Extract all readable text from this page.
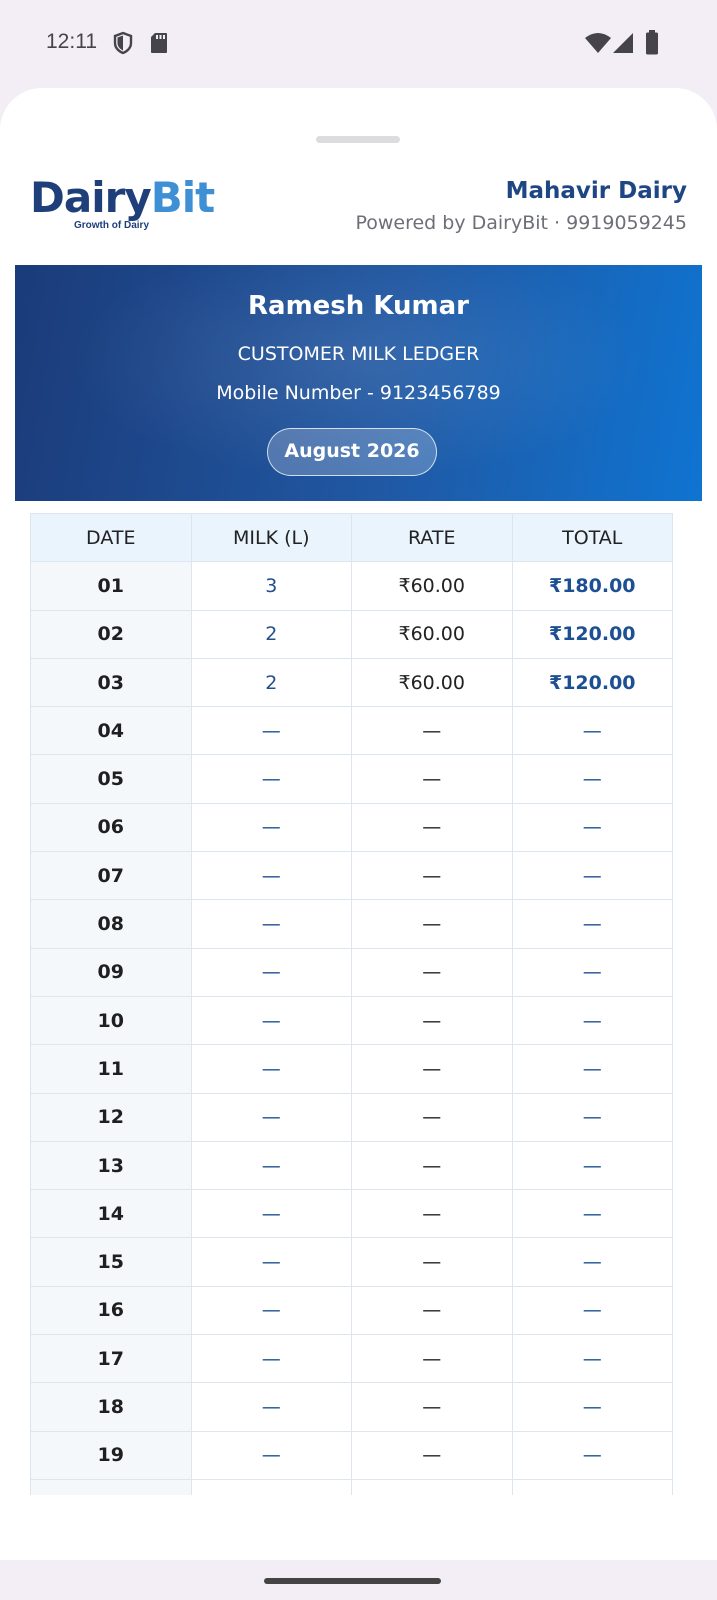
12:11
DairyBit
Growth of Dairy
Mahavir Dairy
Powered by DairyBit · 9919059245
Ramesh Kumar
CUSTOMER MILK LEDGER
Mobile Number - 9123456789
August 2026
DATE	MILK (L)	RATE	TOTAL
01	3	₹60.00	₹180.00
02	2	₹60.00	₹120.00
03	2	₹60.00	₹120.00
04	—	—	—
05	—	—	—
06	—	—	—
07	—	—	—
08	—	—	—
09	—	—	—
10	—	—	—
11	—	—	—
12	—	—	—
13	—	—	—
14	—	—	—
15	—	—	—
16	—	—	—
17	—	—	—
18	—	—	—
19	—	—	—
